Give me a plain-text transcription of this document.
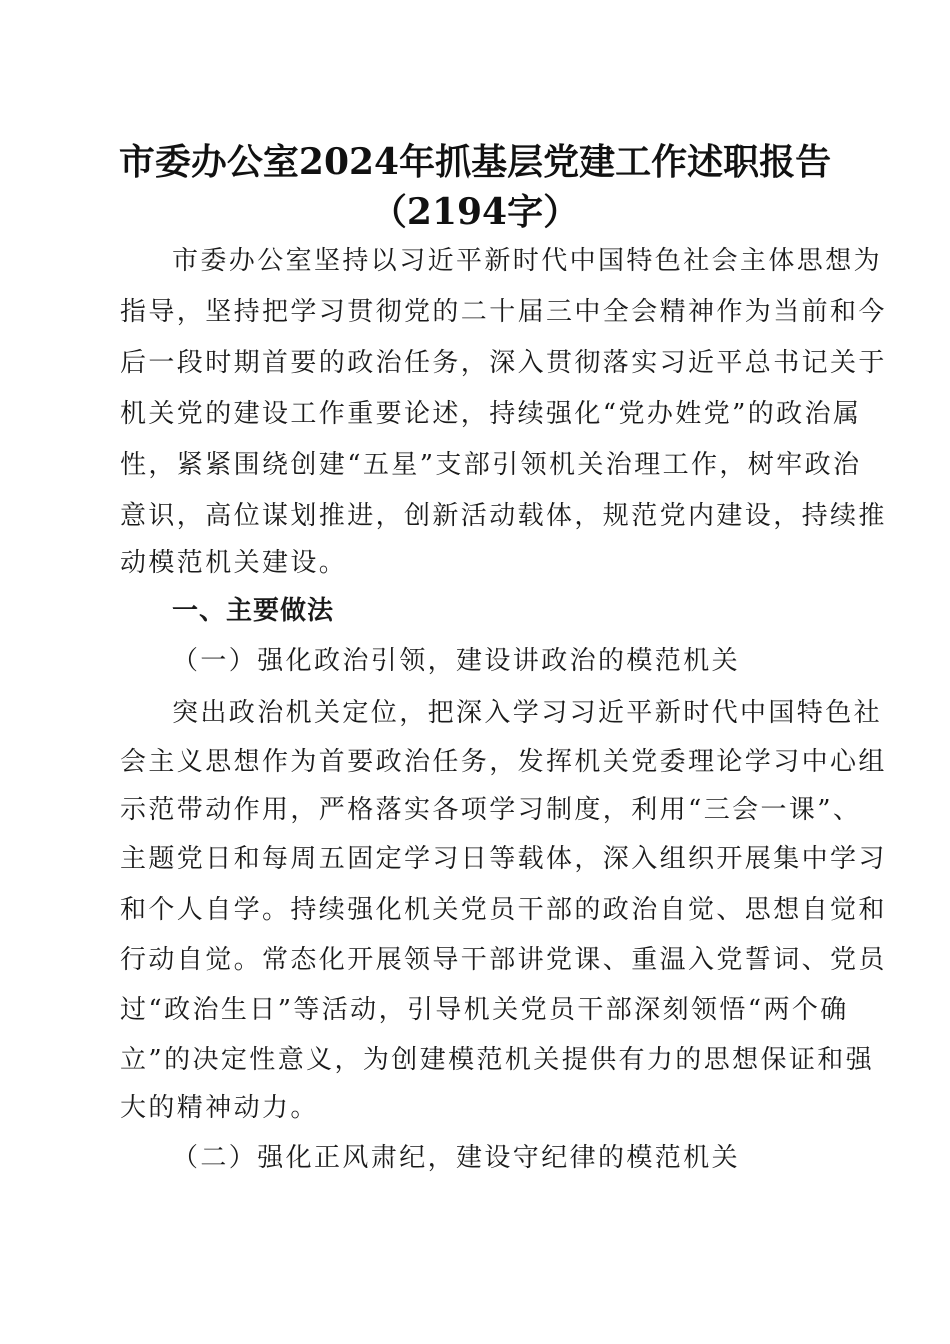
市委办公室2024年抓基层党建工作述职报告
（2194字）
市委办公室坚持以习近平新时代中国特色社会主体思想为
指导，坚持把学习贯彻党的二十届三中全会精神作为当前和今
后一段时期首要的政治任务，深入贯彻落实习近平总书记关于
机关党的建设工作重要论述，持续强化“党办姓党”的政治属
性，紧紧围绕创建“五星”支部引领机关治理工作，树牢政治
意识，高位谋划推进，创新活动载体，规范党内建设，持续推
动模范机关建设。
一、主要做法
（一）强化政治引领，建设讲政治的模范机关
突出政治机关定位，把深入学习习近平新时代中国特色社
会主义思想作为首要政治任务，发挥机关党委理论学习中心组
示范带动作用，严格落实各项学习制度，利用“三会一课”、
主题党日和每周五固定学习日等载体，深入组织开展集中学习
和个人自学。持续强化机关党员干部的政治自觉、思想自觉和
行动自觉。常态化开展领导干部讲党课、重温入党誓词、党员
过“政治生日”等活动，引导机关党员干部深刻领悟“两个确
立”的决定性意义，为创建模范机关提供有力的思想保证和强
大的精神动力。
（二）强化正风肃纪，建设守纪律的模范机关
